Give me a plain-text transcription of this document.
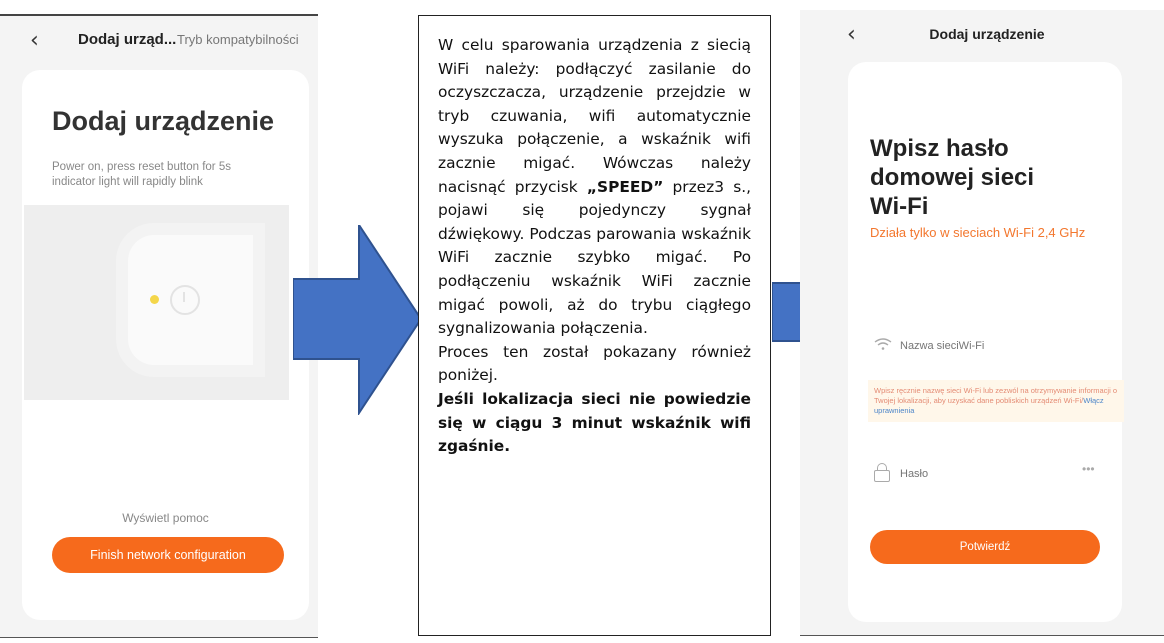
‹	Dodaj urząd... Tryb kompatybilności
Dodaj urządzenie
Power on, press reset button for 5s
indicator light will rapidly blink
Wyświetl pomoc
Finish network configuration

W celu sparowania urządzenia z siecią WiFi należy: podłączyć zasilanie do oczyszczacza, urządzenie przejdzie w tryb czuwania, wifi automatycznie wyszuka połączenie, a wskaźnik wifi zacznie migać. Wówczas należy nacisnąć przycisk „SPEED” przez3 s., pojawi się pojedynczy sygnał dźwiękowy. Podczas parowania wskaźnik WiFi zacznie szybko migać. Po podłączeniu wskaźnik WiFi zacznie migać powoli, aż do trybu ciągłego sygnalizowania połączenia.

Proces ten został pokazany również poniżej.

Jeśli lokalizacja sieci nie powiedzie się w ciągu 3 minut wskaźnik wifi zgaśnie.

‹	Dodaj urządzenie
Wpisz hasło
domowej sieci
Wi-Fi
Działa tylko w sieciach Wi-Fi 2,4 GHz
Nazwa sieciWi-Fi
Wpisz ręcznie nazwę sieci Wi-Fi lub zezwól na otrzymywanie informacji o Twojej lokalizacji, aby uzyskać dane pobliskich urządzeń Wi-Fi/Włącz uprawnienia
Hasło
•••
Potwierdź
